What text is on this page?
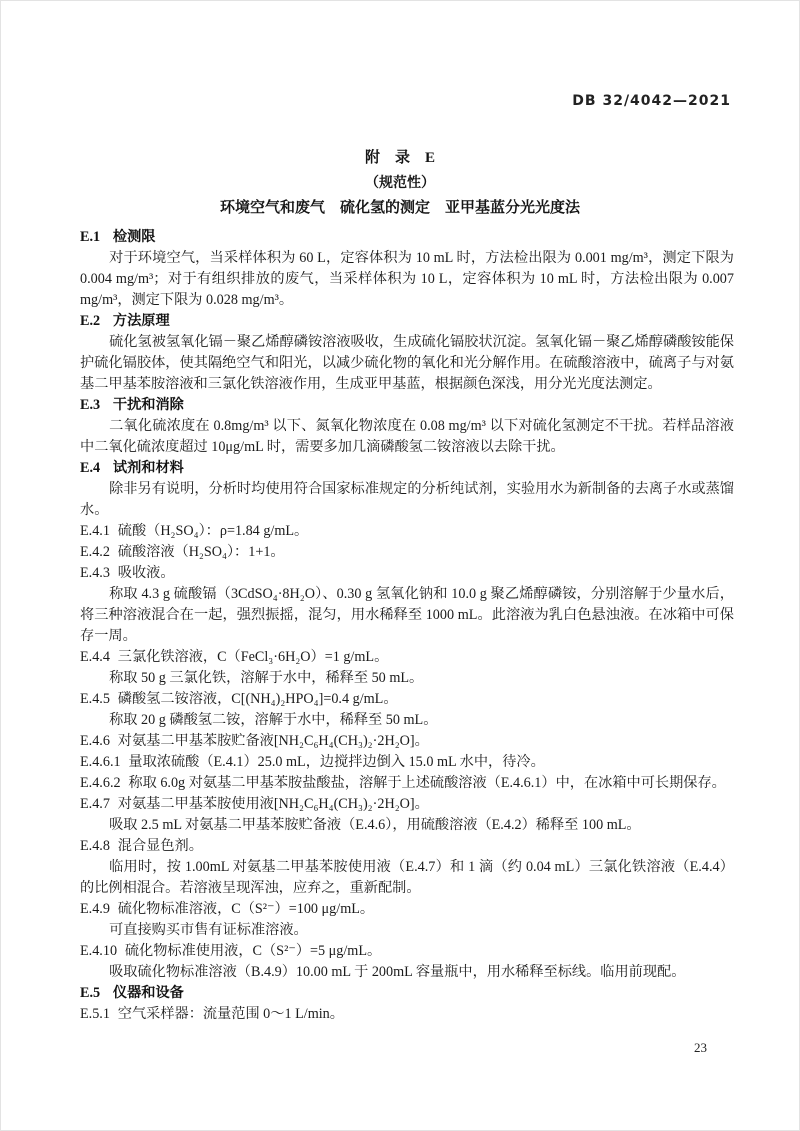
DB 32/4042—2021
附　录　E
（规范性）
环境空气和废气　硫化氢的测定　亚甲基蓝分光光度法
E.1 检测限
对于环境空气，当采样体积为 60 L，定容体积为 10 mL 时，方法检出限为 0.001 mg/m³，测定下限为 0.004 mg/m³；对于有组织排放的废气，当采样体积为 10 L，定容体积为 10 mL 时，方法检出限为 0.007 mg/m³，测定下限为 0.028 mg/m³。
E.2 方法原理
硫化氢被氢氧化镉－聚乙烯醇磷铵溶液吸收，生成硫化镉胶状沉淀。氢氧化镉－聚乙烯醇磷酸铵能保护硫化镉胶体，使其隔绝空气和阳光，以减少硫化物的氧化和光分解作用。在硫酸溶液中，硫离子与对氨基二甲基苯胺溶液和三氯化铁溶液作用，生成亚甲基蓝，根据颜色深浅，用分光光度法测定。
E.3 干扰和消除
二氧化硫浓度在 0.8mg/m³ 以下、氮氧化物浓度在 0.08 mg/m³ 以下对硫化氢测定不干扰。若样品溶液中二氧化硫浓度超过 10μg/mL 时，需要多加几滴磷酸氢二铵溶液以去除干扰。
E.4 试剂和材料
除非另有说明，分析时均使用符合国家标准规定的分析纯试剂，实验用水为新制备的去离子水或蒸馏水。
E.4.1 硫酸（H₂SO₄）：ρ=1.84 g/mL。
E.4.2 硫酸溶液（H₂SO₄）：1+1。
E.4.3 吸收液。
称取 4.3 g 硫酸镉（3CdSO₄·8H₂O）、0.30 g 氢氧化钠和 10.0 g 聚乙烯醇磷铵，分别溶解于少量水后，将三种溶液混合在一起，强烈振摇，混匀，用水稀释至 1000 mL。此溶液为乳白色悬浊液。在冰箱中可保存一周。
E.4.4 三氯化铁溶液，C（FeCl₃·6H₂O）=1 g/mL。
称取 50 g 三氯化铁，溶解于水中，稀释至 50 mL。
E.4.5 磷酸氢二铵溶液，C[(NH₄)₂HPO₄]=0.4 g/mL。
称取 20 g 磷酸氢二铵，溶解于水中，稀释至 50 mL。
E.4.6 对氨基二甲基苯胺贮备液[NH₂C₆H₄(CH₃)₂·2H₂O]。
E.4.6.1 量取浓硫酸（E.4.1）25.0 mL，边搅拌边倒入 15.0 mL 水中，待冷。
E.4.6.2 称取 6.0g 对氨基二甲基苯胺盐酸盐，溶解于上述硫酸溶液（E.4.6.1）中，在冰箱中可长期保存。
E.4.7 对氨基二甲基苯胺使用液[NH₂C₆H₄(CH₃)₂·2H₂O]。
吸取 2.5 mL 对氨基二甲基苯胺贮备液（E.4.6），用硫酸溶液（E.4.2）稀释至 100 mL。
E.4.8 混合显色剂。
临用时，按 1.00mL 对氨基二甲基苯胺使用液（E.4.7）和 1 滴（约 0.04 mL）三氯化铁溶液（E.4.4）的比例相混合。若溶液呈现浑浊，应弃之，重新配制。
E.4.9 硫化物标准溶液，C（S²⁻）=100 μg/mL。
可直接购买市售有证标准溶液。
E.4.10 硫化物标准使用液，C（S²⁻）=5 μg/mL。
吸取硫化物标准溶液（B.4.9）10.00 mL 于 200mL 容量瓶中，用水稀释至标线。临用前现配。
E.5 仪器和设备
E.5.1 空气采样器：流量范围 0～1 L/min。
23
